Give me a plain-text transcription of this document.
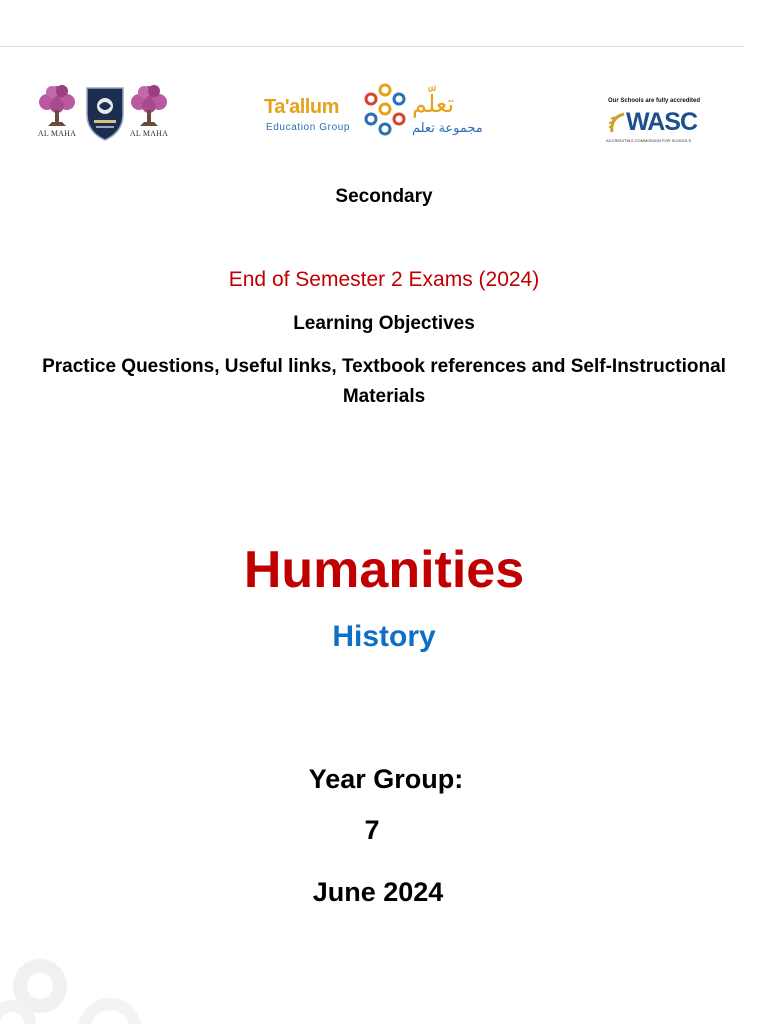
AL MAHA	AL MAHA
Ta'allum
Education Group
تعلّم
مجموعة تعلم
Our Schools are fully accredited
WASC
ACCREDITING COMMISSION FOR SCHOOLS
Secondary
End of Semester 2 Exams (2024)
Learning Objectives
Practice Questions, Useful links, Textbook references and Self-Instructional Materials
Humanities
History
Year Group:
7
June 2024
